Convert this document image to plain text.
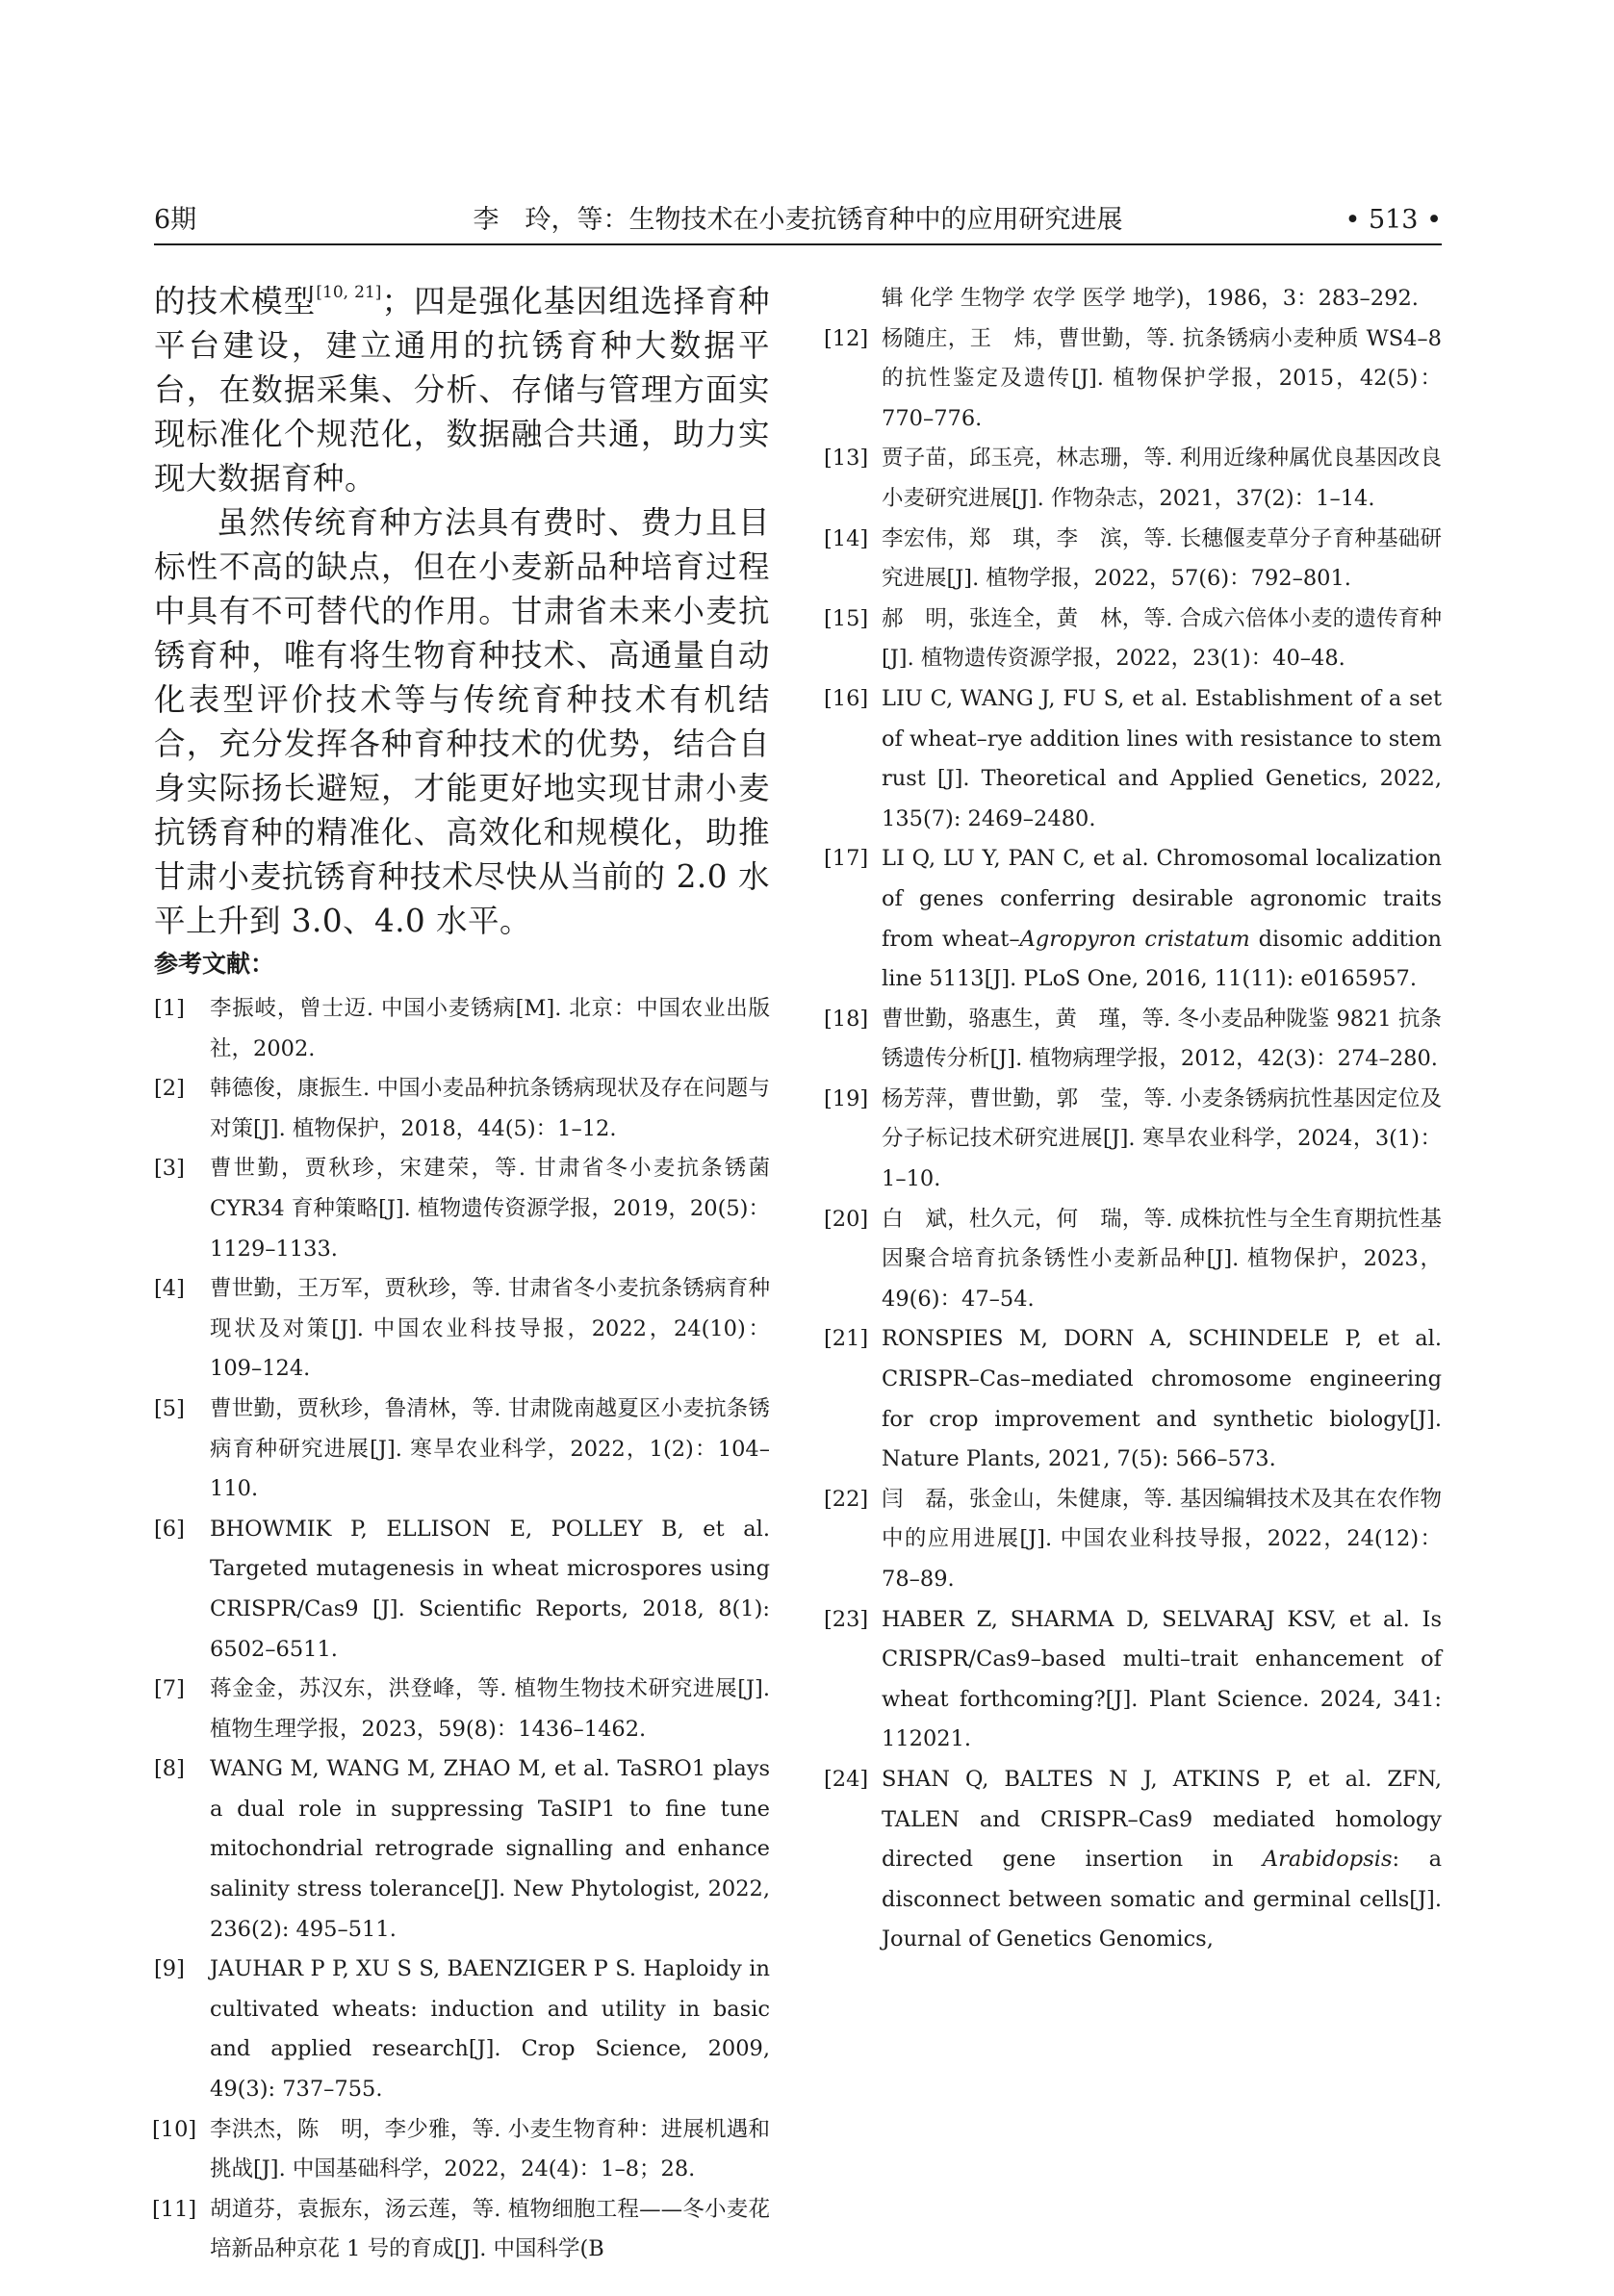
6期	李　玲，等：生物技术在小麦抗锈育种中的应用研究进展	• 513 •

的技术模型[10, 21]；四是强化基因组选择育种平台建设，建立通用的抗锈育种大数据平台，在数据采集、分析、存储与管理方面实现标准化个规范化，数据融合共通，助力实现大数据育种。

虽然传统育种方法具有费时、费力且目标性不高的缺点，但在小麦新品种培育过程中具有不可替代的作用。甘肃省未来小麦抗锈育种，唯有将生物育种技术、高通量自动化表型评价技术等与传统育种技术有机结合，充分发挥各种育种技术的优势，结合自身实际扬长避短，才能更好地实现甘肃小麦抗锈育种的精准化、高效化和规模化，助推甘肃小麦抗锈育种技术尽快从当前的 2.0 水平上升到 3.0、4.0 水平。

参考文献：
[1] 李振岐，曾士迈. 中国小麦锈病[M]. 北京：中国农业出版社，2002.
[2] 韩德俊，康振生. 中国小麦品种抗条锈病现状及存在问题与对策[J]. 植物保护，2018，44(5)：1–12.
[3] 曹世勤，贾秋珍，宋建荣，等. 甘肃省冬小麦抗条锈菌 CYR34 育种策略[J]. 植物遗传资源学报，2019，20(5)：1129–1133.
[4] 曹世勤，王万军，贾秋珍，等. 甘肃省冬小麦抗条锈病育种现状及对策[J]. 中国农业科技导报，2022，24(10)：109–124.
[5] 曹世勤，贾秋珍，鲁清林，等. 甘肃陇南越夏区小麦抗条锈病育种研究进展[J]. 寒旱农业科学，2022，1(2)：104–110.
[6] BHOWMIK P, ELLISON E, POLLEY B, et al. Targeted mutagenesis in wheat microspores using CRISPR/Cas9 [J]. Scientific Reports, 2018, 8(1): 6502–6511.
[7] 蒋金金，苏汉东，洪登峰，等. 植物生物技术研究进展[J]. 植物生理学报，2023，59(8)：1436–1462.
[8] WANG M, WANG M, ZHAO M, et al. TaSRO1 plays a dual role in suppressing TaSIP1 to fine tune mitochondrial retrograde signalling and enhance salinity stress tolerance[J]. New Phytologist, 2022, 236(2): 495–511.
[9] JAUHAR P P, XU S S, BAENZIGER P S. Haploidy in cultivated wheats: induction and utility in basic and applied research[J]. Crop Science, 2009, 49(3): 737–755.
[10] 李洪杰，陈　明，李少雅，等. 小麦生物育种：进展机遇和挑战[J]. 中国基础科学，2022，24(4)：1–8；28.
[11] 胡道芬，袁振东，汤云莲，等. 植物细胞工程——冬小麦花培新品种京花 1 号的育成[J]. 中国科学(B
辑 化学 生物学 农学 医学 地学)，1986，3：283–292.
[12] 杨随庄，王　炜，曹世勤，等. 抗条锈病小麦种质 WS4–8 的抗性鉴定及遗传[J]. 植物保护学报，2015，42(5)：770–776.
[13] 贾子苗，邱玉亮，林志珊，等. 利用近缘种属优良基因改良小麦研究进展[J]. 作物杂志，2021，37(2)：1–14.
[14] 李宏伟，郑　琪，李　滨，等. 长穗偃麦草分子育种基础研究进展[J]. 植物学报，2022，57(6)：792–801.
[15] 郝　明，张连全，黄　林，等. 合成六倍体小麦的遗传育种[J]. 植物遗传资源学报，2022，23(1)：40–48.
[16] LIU C, WANG J, FU S, et al. Establishment of a set of wheat–rye addition lines with resistance to stem rust [J]. Theoretical and Applied Genetics, 2022, 135(7): 2469–2480.
[17] LI Q, LU Y, PAN C, et al. Chromosomal localization of genes conferring desirable agronomic traits from wheat–Agropyron cristatum disomic addition line 5113[J]. PLoS One, 2016, 11(11): e0165957.
[18] 曹世勤，骆惠生，黄　瑾，等. 冬小麦品种陇鉴 9821 抗条锈遗传分析[J]. 植物病理学报，2012，42(3)：274–280.
[19] 杨芳萍，曹世勤，郭　莹，等. 小麦条锈病抗性基因定位及分子标记技术研究进展[J]. 寒旱农业科学，2024，3(1)：1–10.
[20] 白　斌，杜久元，何　瑞，等. 成株抗性与全生育期抗性基因聚合培育抗条锈性小麦新品种[J]. 植物保护，2023，49(6)：47–54.
[21] RONSPIES M, DORN A, SCHINDELE P, et al. CRISPR–Cas–mediated chromosome engineering for crop improvement and synthetic biology[J]. Nature Plants, 2021, 7(5): 566–573.
[22] 闫　磊，张金山，朱健康，等. 基因编辑技术及其在农作物中的应用进展[J]. 中国农业科技导报，2022，24(12)：78–89.
[23] HABER Z, SHARMA D, SELVARAJ KSV, et al. Is CRISPR/Cas9–based multi–trait enhancement of wheat forthcoming?[J]. Plant Science. 2024, 341: 112021.
[24] SHAN Q, BALTES N J, ATKINS P, et al. ZFN, TALEN and CRISPR–Cas9 mediated homology directed gene insertion in Arabidopsis: a disconnect between somatic and germinal cells[J]. Journal of Genetics Genomics,
